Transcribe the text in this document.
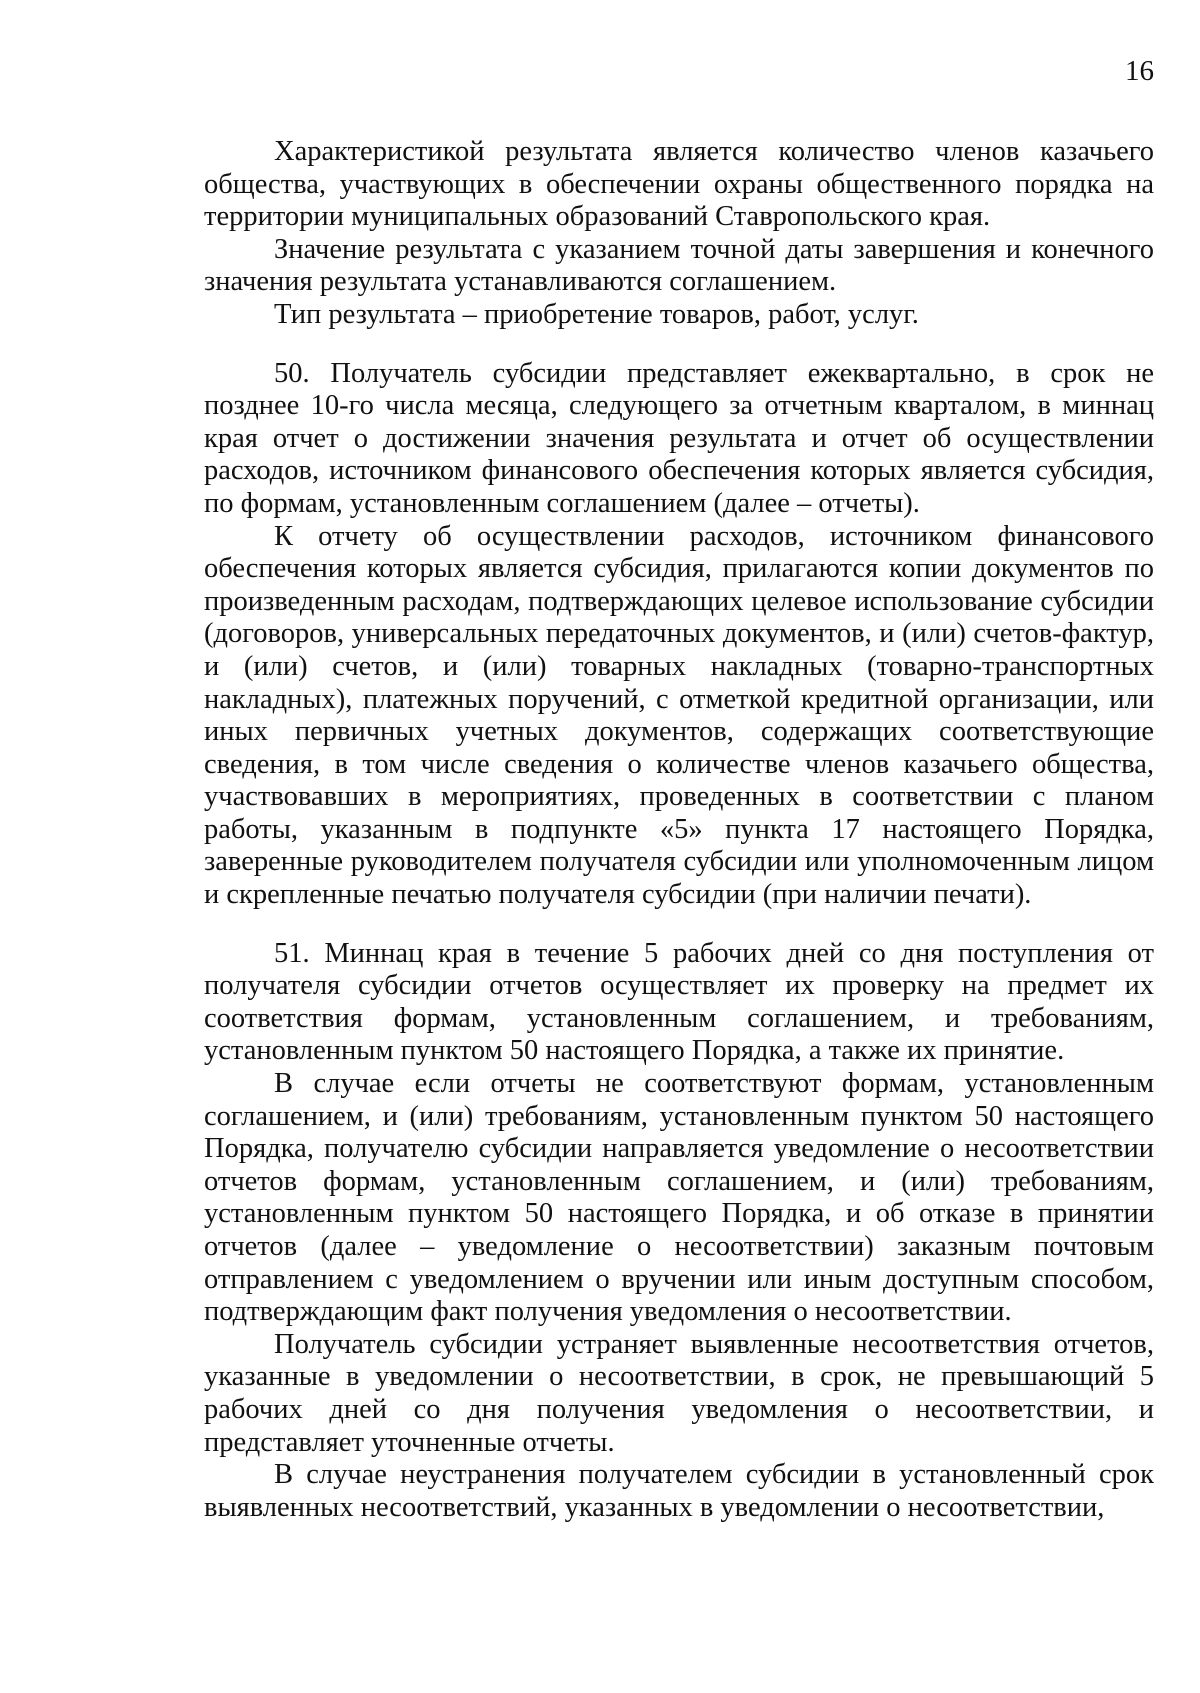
16

Характеристикой результата является количество членов казачьего общества, участвующих в обеспечении охраны общественного порядка на территории муниципальных образований Ставропольского края.

Значение результата с указанием точной даты завершения и конечного значения результата устанавливаются соглашением.

Тип результата – приобретение товаров, работ, услуг.

50. Получатель субсидии представляет ежеквартально, в срок не позднее 10-го числа месяца, следующего за отчетным кварталом, в миннац края отчет о достижении значения результата и отчет об осуществлении расходов, источником финансового обеспечения которых является субсидия, по формам, установленным соглашением (далее – отчеты).

К отчету об осуществлении расходов, источником финансового обеспечения которых является субсидия, прилагаются копии документов по произведенным расходам, подтверждающих целевое использование субсидии (договоров, универсальных передаточных документов, и (или) счетов-фактур, и (или) счетов, и (или) товарных накладных (товарно-транспортных накладных), платежных поручений, с отметкой кредитной организации, или иных первичных учетных документов, содержащих соответствующие сведения, в том числе сведения о количестве членов казачьего общества, участвовавших в мероприятиях, проведенных в соответствии с планом работы, указанным в подпункте «5» пункта 17 настоящего Порядка, заверенные руководителем получателя субсидии или уполномоченным лицом и скрепленные печатью получателя субсидии (при наличии печати).

51. Миннац края в течение 5 рабочих дней со дня поступления от получателя субсидии отчетов осуществляет их проверку на предмет их соответствия формам, установленным соглашением, и требованиям, установленным пунктом 50 настоящего Порядка, а также их принятие.

В случае если отчеты не соответствуют формам, установленным соглашением, и (или) требованиям, установленным пунктом 50 настоящего Порядка, получателю субсидии направляется уведомление о несоответствии отчетов формам, установленным соглашением, и (или) требованиям, установленным пунктом 50 настоящего Порядка, и об отказе в принятии отчетов (далее – уведомление о несоответствии) заказным почтовым отправлением с уведомлением о вручении или иным доступным способом, подтверждающим факт получения уведомления о несоответствии.

Получатель субсидии устраняет выявленные несоответствия отчетов, указанные в уведомлении о несоответствии, в срок, не превышающий 5 рабочих дней со дня получения уведомления о несоответствии, и представляет уточненные отчеты.

В случае неустранения получателем субсидии в установленный срок выявленных несоответствий, указанных в уведомлении о несоответствии,
